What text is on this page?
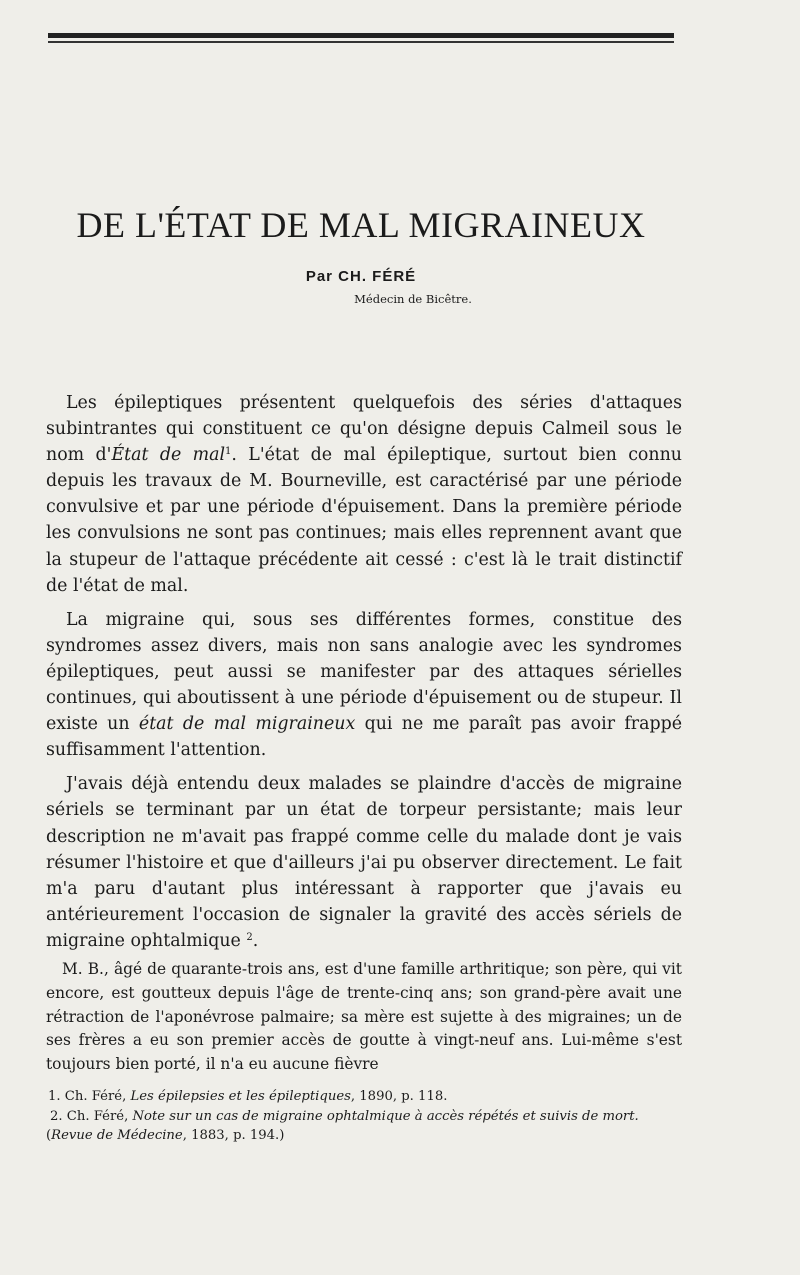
DE L'ÉTAT DE MAL MIGRAINEUX

Par CH. FÉRÉ

Médecin de Bicêtre.

Les épileptiques présentent quelquefois des séries d'attaques subintrantes qui constituent ce qu'on désigne depuis Calmeil sous le nom d'État de mal$^1$. L'état de mal épileptique, surtout bien connu depuis les travaux de M. Bourneville, est caractérisé par une période convulsive et par une période d'épuisement. Dans la première période les convulsions ne sont pas continues; mais elles reprennent avant que la stupeur de l'attaque précédente ait cessé : c'est là le trait distinctif de l'état de mal.

La migraine qui, sous ses différentes formes, constitue des syndromes assez divers, mais non sans analogie avec les syndromes épileptiques, peut aussi se manifester par des attaques sérielles continues, qui aboutissent à une période d'épuisement ou de stupeur. Il existe un état de mal migraineux qui ne me paraît pas avoir frappé suffisamment l'attention.

J'avais déjà entendu deux malades se plaindre d'accès de migraine sériels se terminant par un état de torpeur persistante; mais leur description ne m'avait pas frappé comme celle du malade dont je vais résumer l'histoire et que d'ailleurs j'ai pu observer directement. Le fait m'a paru d'autant plus intéressant à rapporter que j'avais eu antérieurement l'occasion de signaler la gravité des accès sériels de migraine ophtalmique $^2$.

M. B., âgé de quarante-trois ans, est d'une famille arthritique; son père, qui vit encore, est goutteux depuis l'âge de trente-cinq ans; son grand-père avait une rétraction de l'aponévrose palmaire; sa mère est sujette à des migraines; un de ses frères a eu son premier accès de goutte à vingt-neuf ans. Lui-même s'est toujours bien porté, il n'a eu aucune fièvre

1. Ch. Féré, Les épilepsies et les épileptiques, 1890, p. 118.

2. Ch. Féré, Note sur un cas de migraine ophtalmique à accès répétés et suivis de mort. (Revue de Médecine, 1883, p. 194.)
